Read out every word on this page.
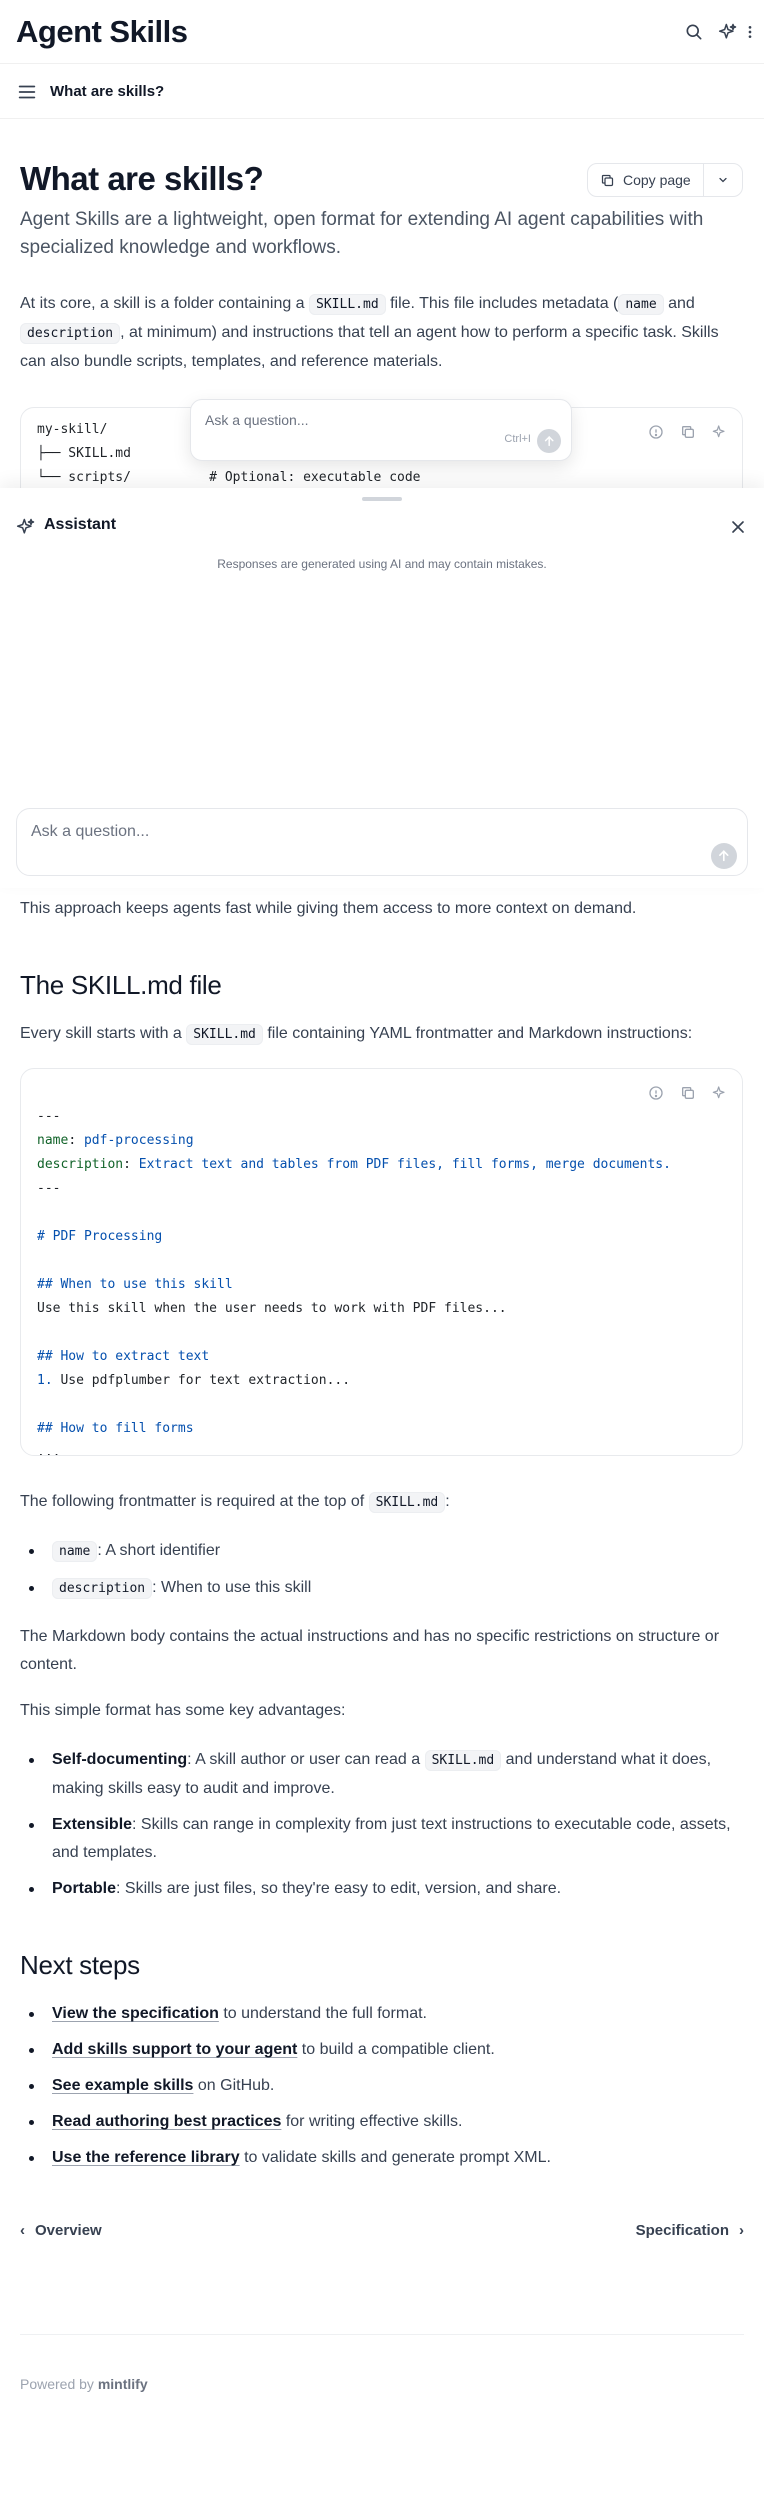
Agent Skills
What are skills?
What are skills?	Copy page

Agent Skills are a lightweight, open format for extending AI agent capabilities with specialized knowledge and workflows.

At its core, a skill is a folder containing a SKILL.md file. This file includes metadata ( name and description , at minimum) and instructions that tell an agent how to perform a specific task. Skills can also bundle scripts, templates, and reference materials.

my-skill/
├── SKILL.md
└── scripts/          # Optional: executable code
Ask a question...
Ctrl+I
Assistant
Responses are generated using AI and may contain mistakes.
Ask a question...

This approach keeps agents fast while giving them access to more context on demand.

The SKILL.md file

Every skill starts with a SKILL.md file containing YAML frontmatter and Markdown instructions:

---
name: pdf-processing
description: Extract text and tables from PDF files, fill forms, merge documents.
---
# PDF Processing
## When to use this skill
Use this skill when the user needs to work with PDF files...
## How to extract text
1. Use pdfplumber for text extraction...
## How to fill forms
...

The following frontmatter is required at the top of SKILL.md :

name : A short identifier
description : When to use this skill

The Markdown body contains the actual instructions and has no specific restrictions on structure or content.

This simple format has some key advantages:

Self-documenting: A skill author or user can read a SKILL.md and understand what it does, making skills easy to audit and improve.
Extensible: Skills can range in complexity from just text instructions to executable code, assets, and templates.
Portable: Skills are just files, so they're easy to edit, version, and share.
Next steps
View the specification to understand the full format.
Add skills support to your agent to build a compatible client.
See example skills on GitHub.
Read authoring best practices for writing effective skills.
Use the reference library to validate skills and generate prompt XML.
‹ Overview	Specification ›
Powered by mintlify
